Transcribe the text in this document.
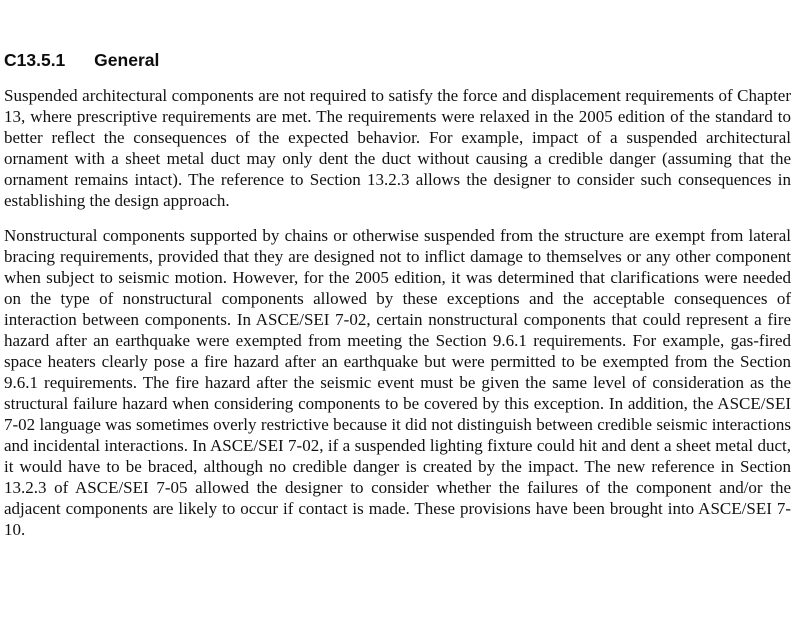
C13.5.1 General

Suspended architectural components are not required to satisfy the force and displacement requirements of Chapter 13, where prescriptive requirements are met. The requirements were relaxed in the 2005 edition of the standard to better reflect the consequences of the expected behavior. For example, impact of a suspended architectural ornament with a sheet metal duct may only dent the duct without causing a credible danger (assuming that the ornament remains intact). The reference to Section 13.2.3 allows the designer to consider such consequences in establishing the design approach.

Nonstructural components supported by chains or otherwise suspended from the structure are exempt from lateral bracing requirements, provided that they are designed not to inflict damage to themselves or any other component when subject to seismic motion. However, for the 2005 edition, it was determined that clarifications were needed on the type of nonstructural components allowed by these exceptions and the acceptable consequences of interaction between components. In ASCE/SEI 7-02, certain nonstructural components that could represent a fire hazard after an earthquake were exempted from meeting the Section 9.6.1 requirements. For example, gas-fired space heaters clearly pose a fire hazard after an earthquake but were permitted to be exempted from the Section 9.6.1 requirements. The fire hazard after the seismic event must be given the same level of consideration as the structural failure hazard when considering components to be covered by this exception. In addition, the ASCE/SEI 7-02 language was sometimes overly restrictive because it did not distinguish between credible seismic interactions and incidental interactions. In ASCE/SEI 7-02, if a suspended lighting fixture could hit and dent a sheet metal duct, it would have to be braced, although no credible danger is created by the impact. The new reference in Section 13.2.3 of ASCE/SEI 7-05 allowed the designer to consider whether the failures of the component and/or the adjacent components are likely to occur if contact is made. These provisions have been brought into ASCE/SEI 7-10.
